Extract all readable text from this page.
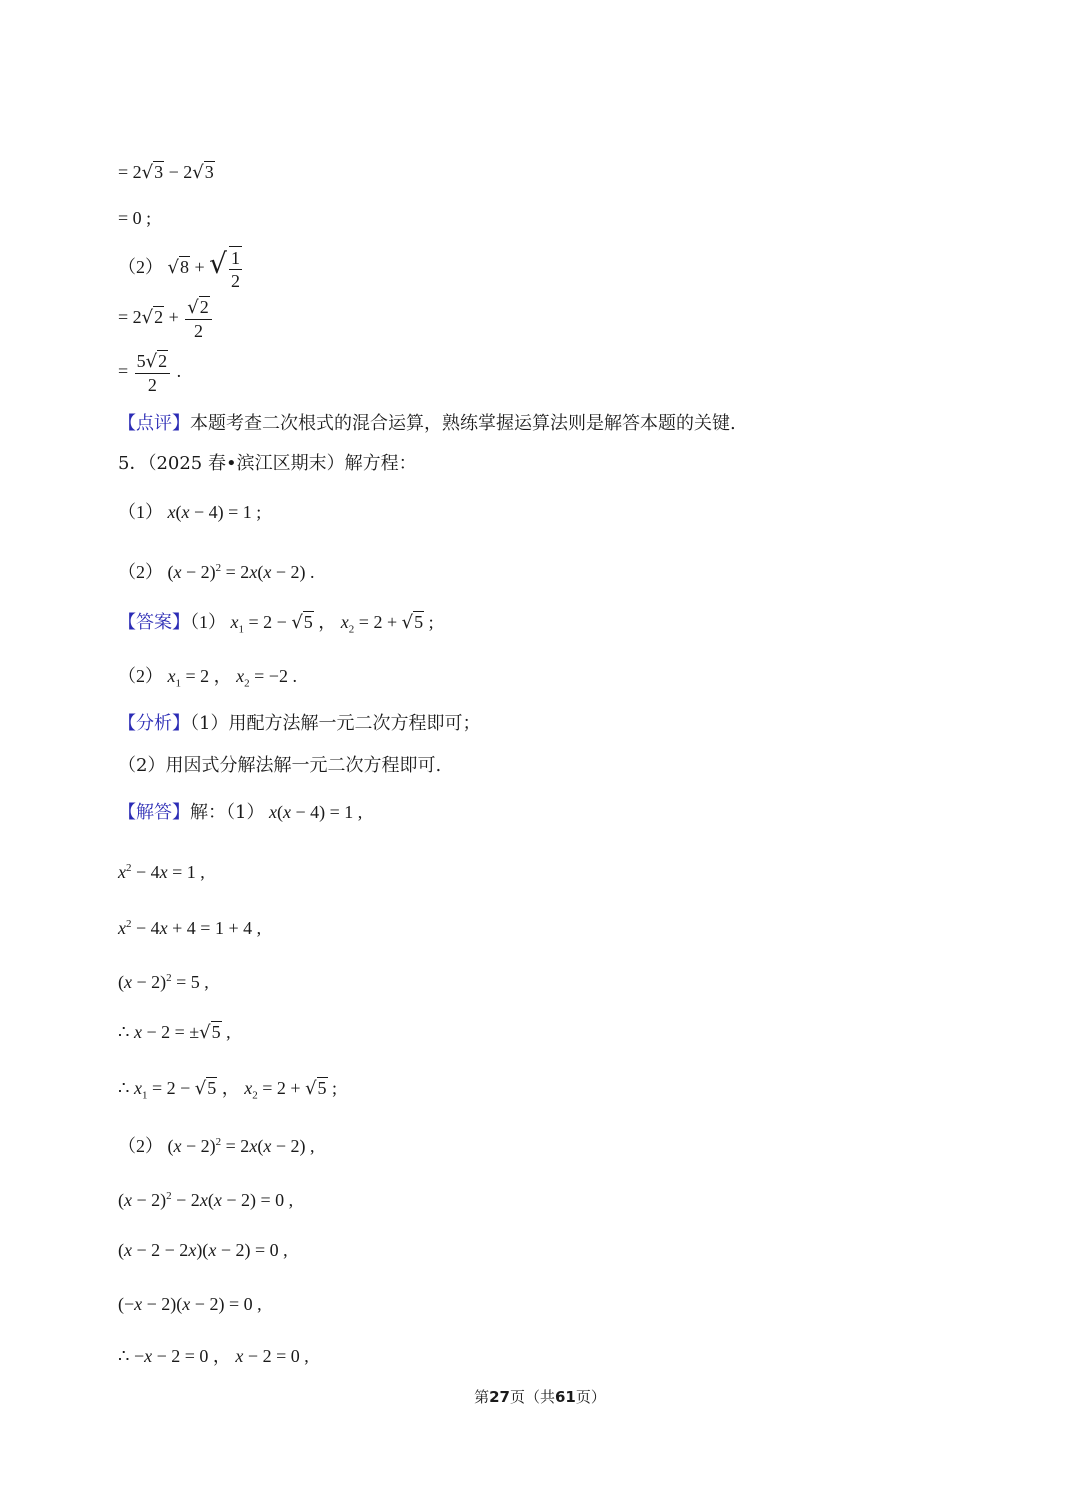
= 2√3 − 2√3
= 0 ;
（2） √8 + √ $\frac{1}{2}$
= $2√2 + \frac{√2}{2}$
= $\frac{5√2}{2}$ .
【点评】本题考查二次根式的混合运算，熟练掌握运算法则是解答本题的关键.
5．（2025 春•滨江区期末）解方程：
（1） x(x − 4) = 1 ;
（2） $(x - 2)^2 = 2x(x - 2)$ .
【答案】（1） $x_1 = 2 - √5$ ， $x_2 = 2 + √5$ ;
（2） $x_1 = 2$ ， $x_2 = -2$ .
【分析】（1）用配方法解一元二次方程即可；
（2）用因式分解法解一元二次方程即可.
【解答】解：（1） x(x − 4) = 1 ,
$x^2 - 4x = 1$ ,
$x^2 - 4x + 4 = 1 + 4$ ,
$(x - 2)^2 = 5$ ,
∴ x − 2 = ±√5 ,
∴ $x_1 = 2 - √5$ ， $x_2 = 2 + √5$ ;
（2） $(x - 2)^2 = 2x(x - 2)$ ,
$(x - 2)^2 - 2x(x - 2) = 0$ ,
(x − 2 − 2x)(x − 2) = 0 ,
(−x − 2)(x − 2) = 0 ,
∴ −x − 2 = 0 ， x − 2 = 0 ,
第27页（共61页）
